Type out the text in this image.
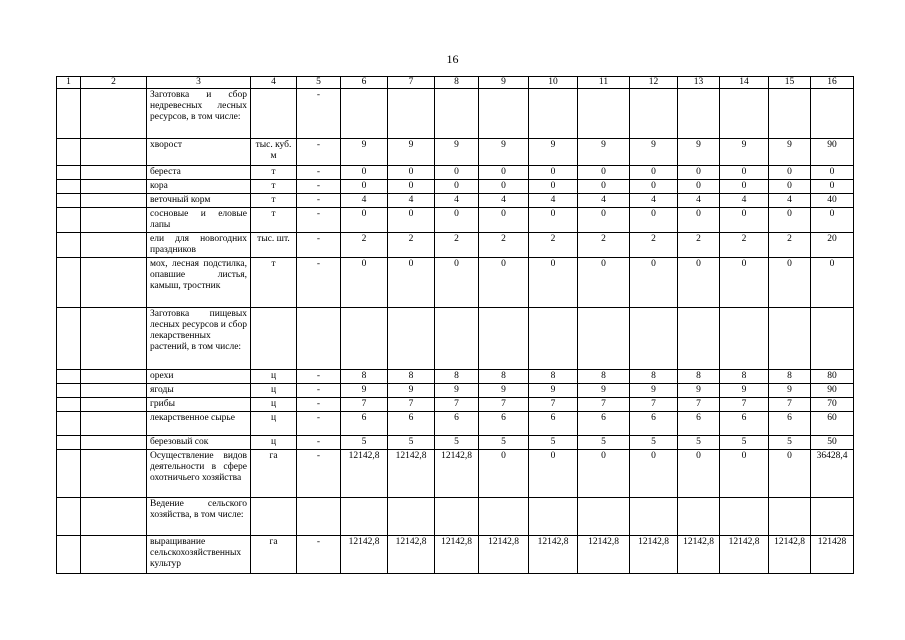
16
1	2	3	4	5	6	7	8	9	10	11	12	13	14	15	16
		Заготовка и сбор недревесных лесных ресурсов, в том числе:		-											
		хворост	тыс. куб. м	-	9	9	9	9	9	9	9	9	9	9	90
		береста	т	-	0	0	0	0	0	0	0	0	0	0	0
		кора	т	-	0	0	0	0	0	0	0	0	0	0	0
		веточный корм	т	-	4	4	4	4	4	4	4	4	4	4	40
		сосновые и еловые лапы	т	-	0	0	0	0	0	0	0	0	0	0	0
		ели для новогодних праздников	тыс. шт.	-	2	2	2	2	2	2	2	2	2	2	20
		мох, лесная подстилка, опавшие листья, камыш, тростник	т	-	0	0	0	0	0	0	0	0	0	0	0
		Заготовка пищевых лесных ресурсов и сбор лекарственных растений, в том числе:													
		орехи	ц	-	8	8	8	8	8	8	8	8	8	8	80
		ягоды	ц	-	9	9	9	9	9	9	9	9	9	9	90
		грибы	ц	-	7	7	7	7	7	7	7	7	7	7	70
		лекарственное сырье	ц	-	6	6	6	6	6	6	6	6	6	6	60
		березовый сок	ц	-	5	5	5	5	5	5	5	5	5	5	50
		Осуществление видов деятельности в сфере охотничьего хозяйства	га	-	12142,8	12142,8	12142,8	0	0	0	0	0	0	0	36428,4
		Ведение сельского хозяйства, в том числе:													
		выращивание сельскохозяйственных культур	га	-	12142,8	12142,8	12142,8	12142,8	12142,8	12142,8	12142,8	12142,8	12142,8	12142,8	121428
